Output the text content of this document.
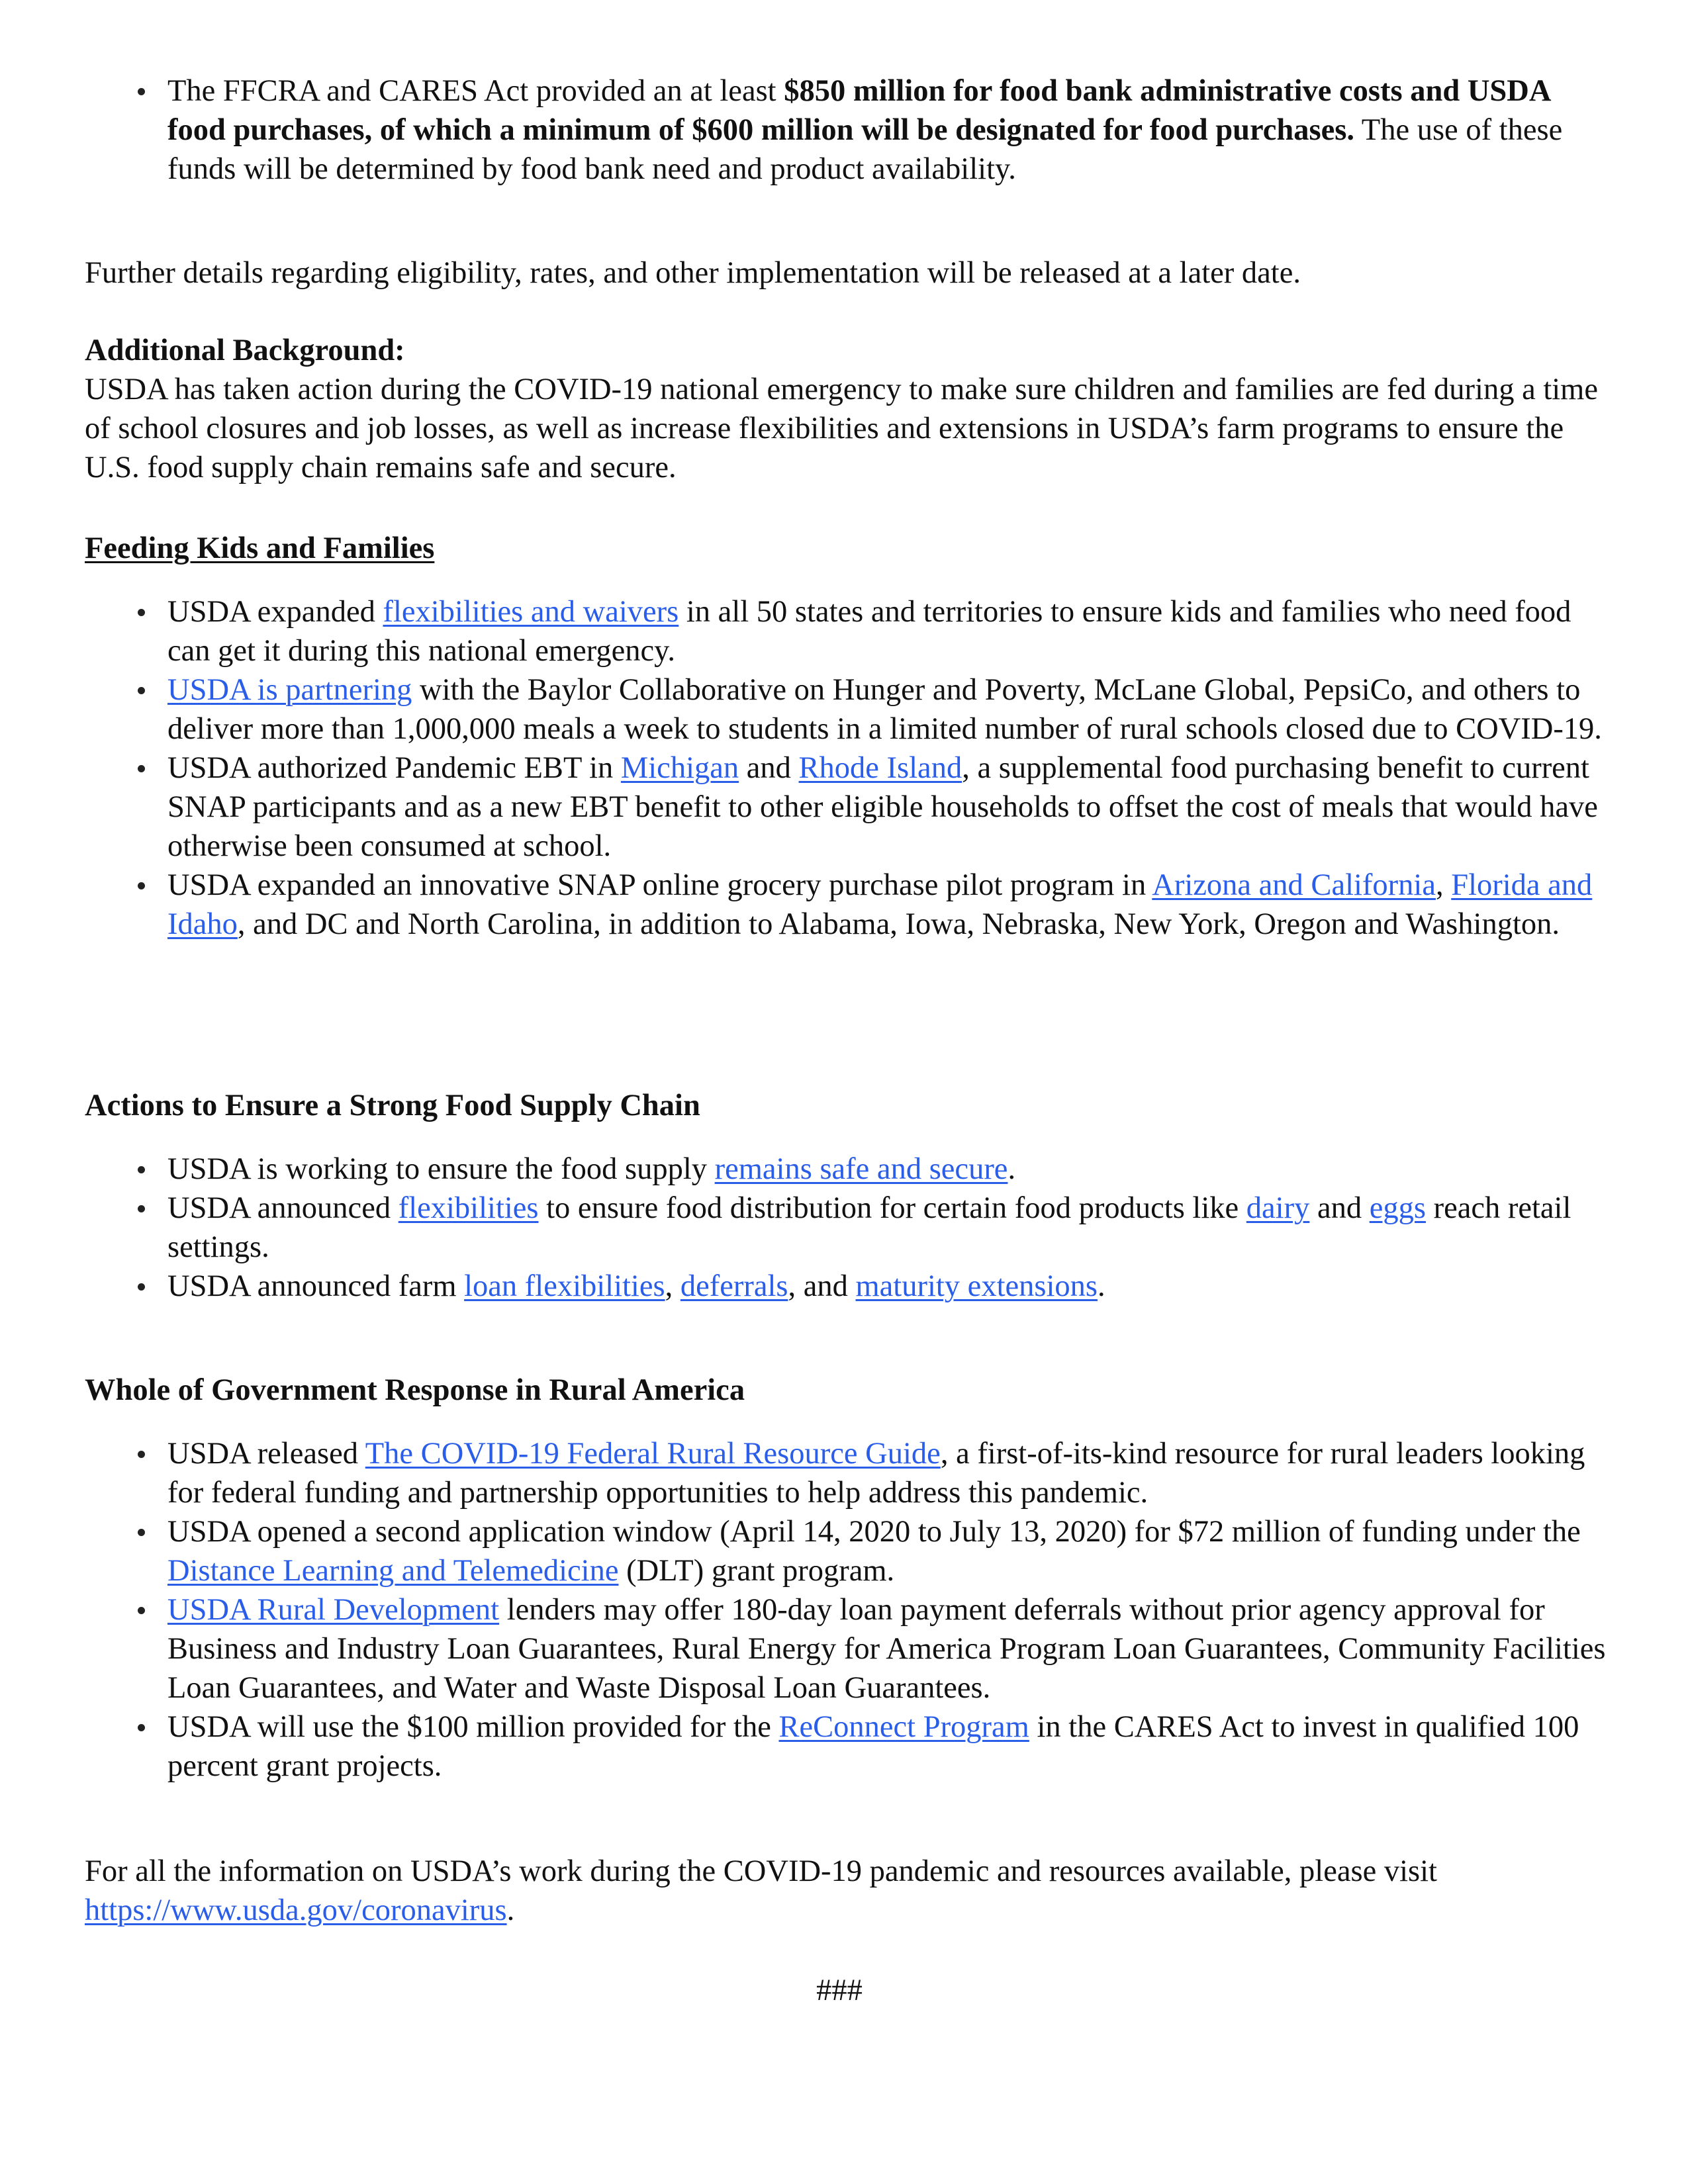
The FFCRA and CARES Act provided an at least $850 million for food bank administrative costs and USDA food purchases, of which a minimum of $600 million will be designated for food purchases. The use of these funds will be determined by food bank need and product availability.

Further details regarding eligibility, rates, and other implementation will be released at a later date.

Additional Background:

USDA has taken action during the COVID-19 national emergency to make sure children and families are fed during a time of school closures and job losses, as well as increase flexibilities and extensions in USDA’s farm programs to ensure the U.S. food supply chain remains safe and secure.

Feeding Kids and Families

USDA expanded flexibilities and waivers in all 50 states and territories to ensure kids and families who need food can get it during this national emergency.
USDA is partnering with the Baylor Collaborative on Hunger and Poverty, McLane Global, PepsiCo, and others to deliver more than 1,000,000 meals a week to students in a limited number of rural schools closed due to COVID-19.
USDA authorized Pandemic EBT in Michigan and Rhode Island, a supplemental food purchasing benefit to current SNAP participants and as a new EBT benefit to other eligible households to offset the cost of meals that would have otherwise been consumed at school.
USDA expanded an innovative SNAP online grocery purchase pilot program in Arizona and California, Florida and Idaho, and DC and North Carolina, in addition to Alabama, Iowa, Nebraska, New York, Oregon and Washington.

Actions to Ensure a Strong Food Supply Chain

USDA is working to ensure the food supply remains safe and secure.
USDA announced flexibilities to ensure food distribution for certain food products like dairy and eggs reach retail settings.
USDA announced farm loan flexibilities, deferrals, and maturity extensions.

Whole of Government Response in Rural America

USDA released The COVID-19 Federal Rural Resource Guide, a first-of-its-kind resource for rural leaders looking for federal funding and partnership opportunities to help address this pandemic.
USDA opened a second application window (April 14, 2020 to July 13, 2020) for $72 million of funding under the Distance Learning and Telemedicine (DLT) grant program.
USDA Rural Development lenders may offer 180-day loan payment deferrals without prior agency approval for Business and Industry Loan Guarantees, Rural Energy for America Program Loan Guarantees, Community Facilities Loan Guarantees, and Water and Waste Disposal Loan Guarantees.
USDA will use the $100 million provided for the ReConnect Program in the CARES Act to invest in qualified 100 percent grant projects.

For all the information on USDA’s work during the COVID-19 pandemic and resources available, please visit https://www.usda.gov/coronavirus.

###
